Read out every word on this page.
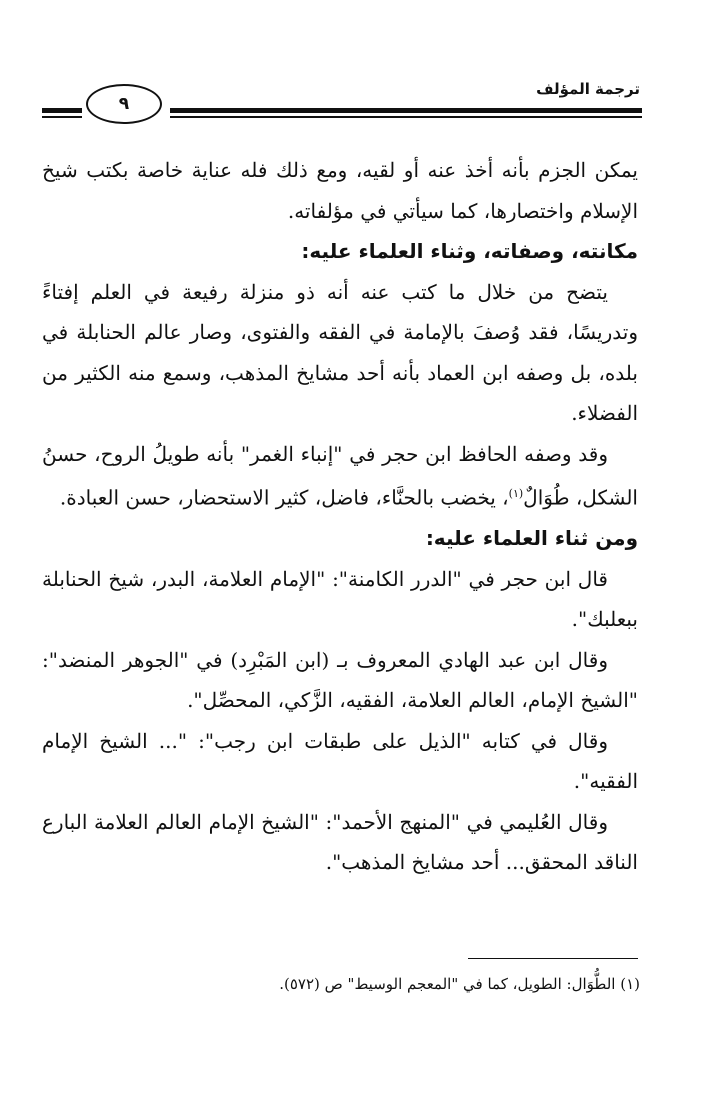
٩
ترجمة المؤلف

يمكن الجزم بأنه أخذ عنه أو لقيه، ومع ذلك فله عناية خاصة بكتب شيخ الإسلام واختصارها، كما سيأتي في مؤلفاته.

مكانته، وصفاته، وثناء العلماء عليه:

يتضح من خلال ما كتب عنه أنه ذو منزلة رفيعة في العلم إفتاءً وتدريسًا، فقد وُصفَ بالإمامة في الفقه والفتوى، وصار عالم الحنابلة في بلده، بل وصفه ابن العماد بأنه أحد مشايخ المذهب، وسمع منه الكثير من الفضلاء.

وقد وصفه الحافظ ابن حجر في "إنباء الغمر" بأنه طويلُ الروح، حسنُ الشكل، طُوَالٌ$^{(١)}$، يخضب بالحنَّاء، فاضل، كثير الاستحضار، حسن العبادة.

ومن ثناء العلماء عليه:

قال ابن حجر في "الدرر الكامنة": "الإمام العلامة، البدر، شيخ الحنابلة ببعلبك".

وقال ابن عبد الهادي المعروف بـ (ابن المَبْرِد) في "الجوهر المنضد": "الشيخ الإمام، العالم العلامة، الفقيه، الزَّكي، المحصِّل".

وقال في كتابه "الذيل على طبقات ابن رجب": "... الشيخ الإمام الفقيه".

وقال العُليمي في "المنهج الأحمد": "الشيخ الإمام العالم العلامة البارع الناقد المحقق... أحد مشايخ المذهب".

(١) الطُّوَال: الطويل، كما في "المعجم الوسيط" ص (٥٧٢).
